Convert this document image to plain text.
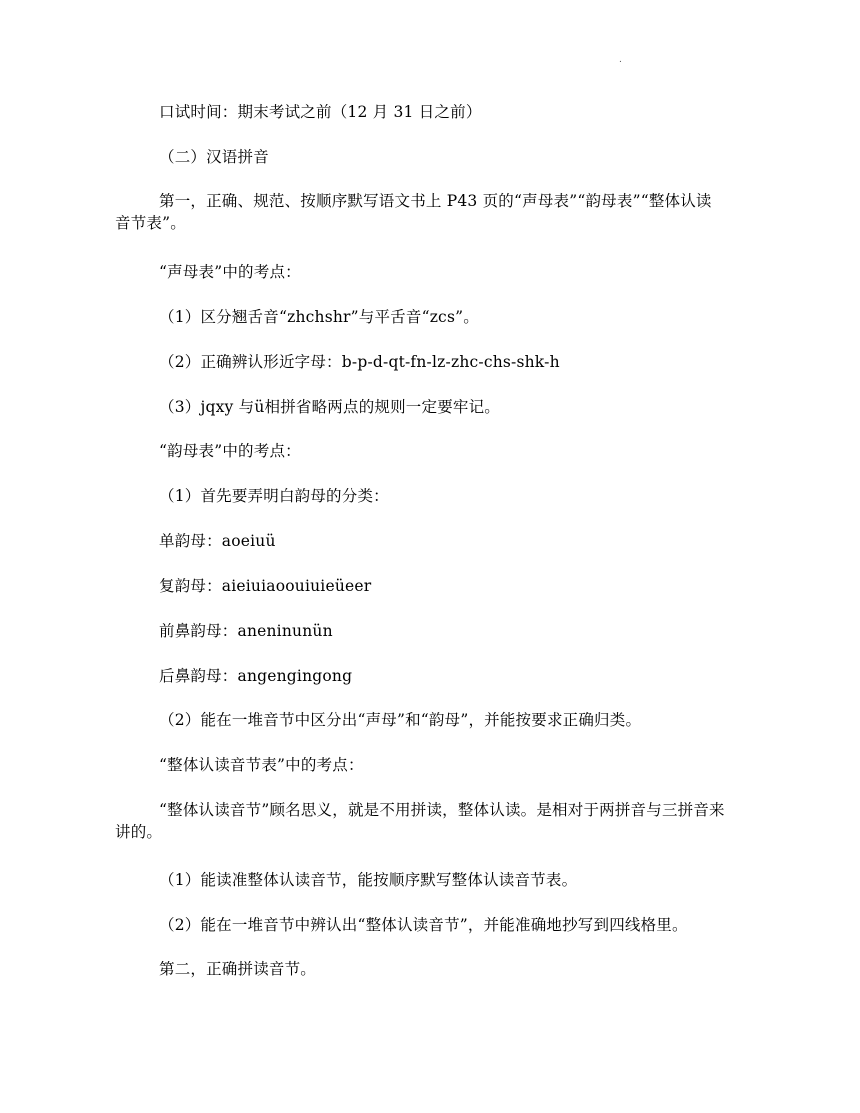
.
口试时间：期末考试之前（12 月 31 日之前）
（二）汉语拼音
第一，正确、规范、按顺序默写语文书上 P43 页的“声母表”“韵母表”“整体认读音节表”。
“声母表”中的考点：
（1）区分翘舌音“zhchshr”与平舌音“zcs”。
（2）正确辨认形近字母：b-p-d-qt-fn-lz-zhc-chs-shk-h
（3）jqxy 与ü相拼省略两点的规则一定要牢记。
“韵母表”中的考点：
（1）首先要弄明白韵母的分类：
单韵母：aoeiuü
复韵母：aieiuiaoouiuieüeer
前鼻韵母：aneninunün
后鼻韵母：angengingong
（2）能在一堆音节中区分出“声母”和“韵母”，并能按要求正确归类。
“整体认读音节表”中的考点：
“整体认读音节”顾名思义，就是不用拼读，整体认读。是相对于两拼音与三拼音来讲的。
（1）能读准整体认读音节，能按顺序默写整体认读音节表。
（2）能在一堆音节中辨认出“整体认读音节”，并能准确地抄写到四线格里。
第二，正确拼读音节。
